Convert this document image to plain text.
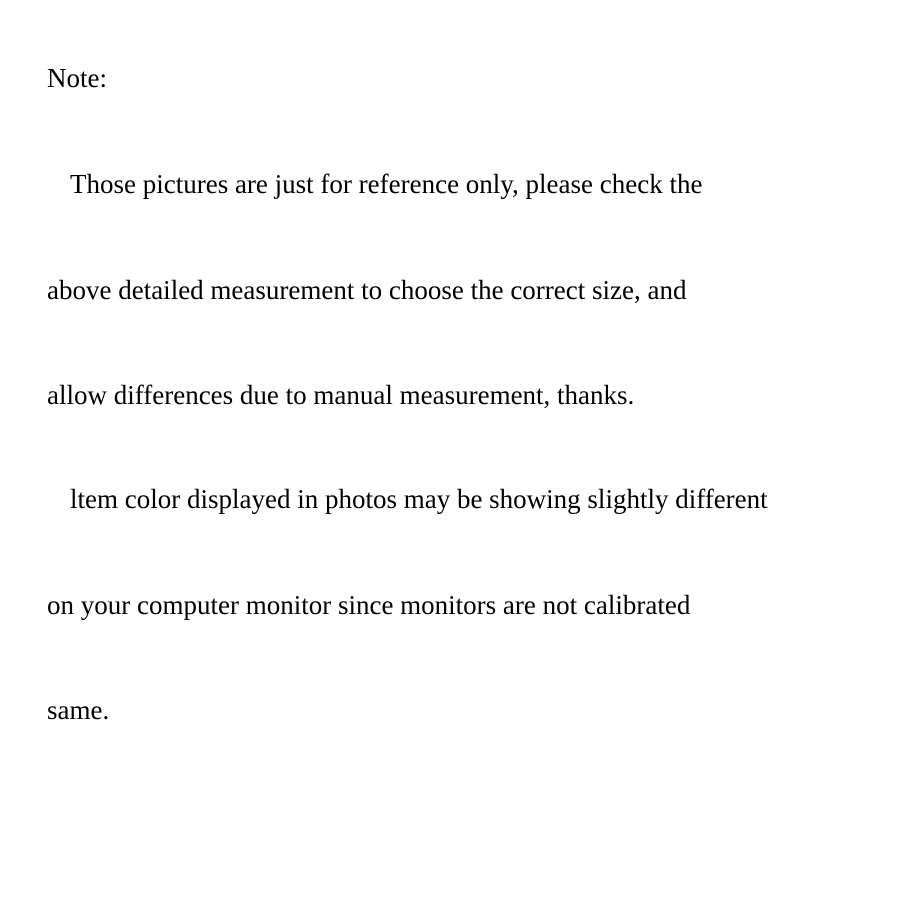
Note:

Those pictures are just for reference only, please check the

above detailed measurement to choose the correct size, and

allow differences due to manual measurement, thanks.

ltem color displayed in photos may be showing slightly different

on your computer monitor since monitors are not calibrated

same.
